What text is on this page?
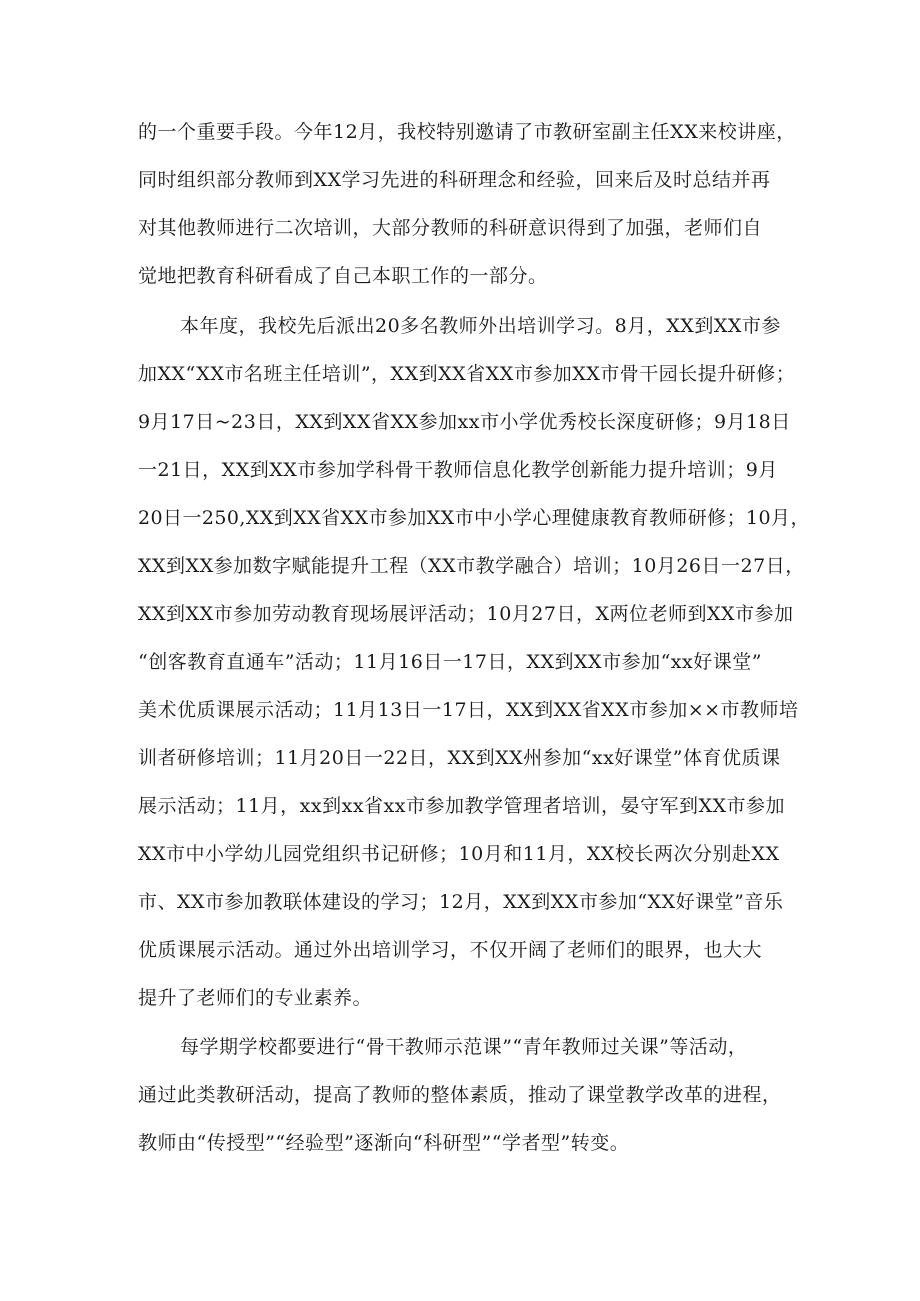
的一个重要手段。今年12月，我校特别邀请了市教研室副主任XX来校讲座，
同时组织部分教师到XX学习先进的科研理念和经验，回来后及时总结并再
对其他教师进行二次培训，大部分教师的科研意识得到了加强，老师们自
觉地把教育科研看成了自己本职工作的一部分。
本年度，我校先后派出20多名教师外出培训学习。8月，XX到XX市参
加XX“XX市名班主任培训”，XX到XX省XX市参加XX市骨干园长提升研修；
9月17日~23日，XX到XX省XX参加xx市小学优秀校长深度研修；9月18日
一21日，XX到XX市参加学科骨干教师信息化教学创新能力提升培训；9月
20日一250,XX到XX省XX市参加XX市中小学心理健康教育教师研修；10月，
XX到XX参加数字赋能提升工程（XX市教学融合）培训；10月26日一27日，
XX到XX市参加劳动教育现场展评活动；10月27日，X两位老师到XX市参加
“创客教育直通车”活动；11月16日一17日，XX到XX市参加“xx好课堂”
美术优质课展示活动；11月13日一17日，XX到XX省XX市参加××市教师培
训者研修培训；11月20日一22日，XX到XX州参加“xx好课堂”体育优质课
展示活动；11月，xx到xx省xx市参加教学管理者培训，晏守军到XX市参加
XX市中小学幼儿园党组织书记研修；10月和11月，XX校长两次分别赴XX
市、XX市参加教联体建设的学习；12月，XX到XX市参加“XX好课堂”音乐
优质课展示活动。通过外出培训学习，不仅开阔了老师们的眼界，也大大
提升了老师们的专业素养。
每学期学校都要进行“骨干教师示范课”“青年教师过关课”等活动，
通过此类教研活动，提高了教师的整体素质，推动了课堂教学改革的进程，
教师由“传授型”“经验型”逐渐向“科研型”“学者型”转变。
